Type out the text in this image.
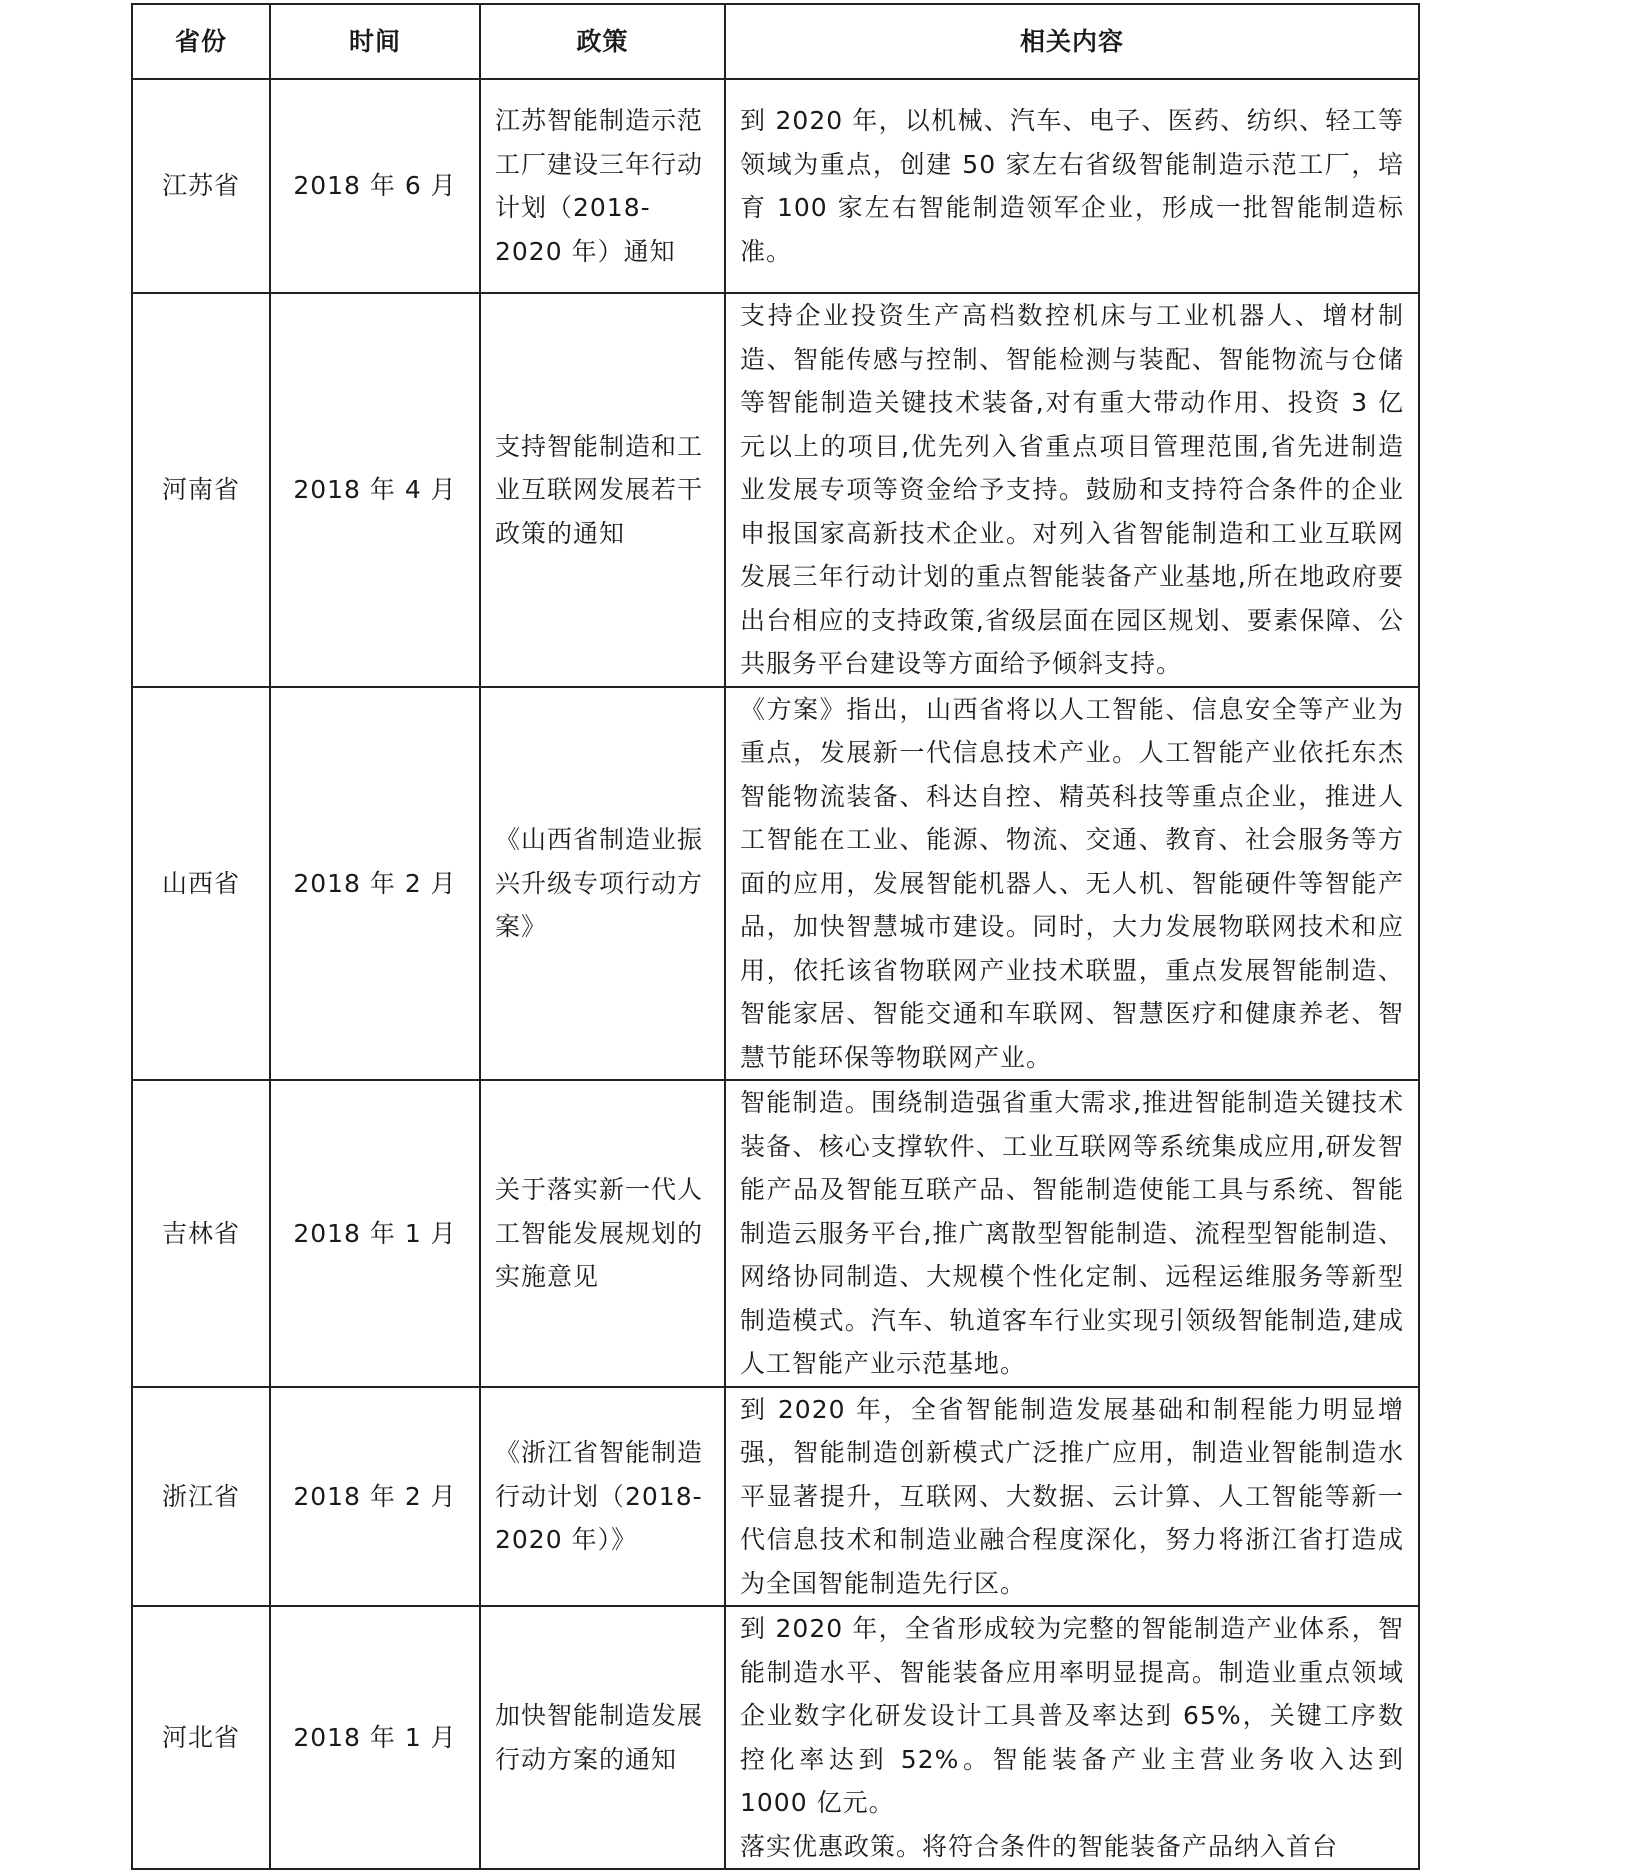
省份	时间	政策	相关内容
江苏省	2018 年 6 月	江苏智能制造示范工厂建设三年行动计划（2018-2020 年）通知	到 2020 年，以机械、汽车、电子、医药、纺织、轻工等领域为重点，创建 50 家左右省级智能制造示范工厂，培育 100 家左右智能制造领军企业，形成一批智能制造标准。

河南省	2018 年 4 月	支持智能制造和工业互联网发展若干政策的通知	支持企业投资生产高档数控机床与工业机器人、增材制造、智能传感与控制、智能检测与装配、智能物流与仓储等智能制造关键技术装备,对有重大带动作用、投资 3 亿元以上的项目,优先列入省重点项目管理范围,省先进制造业发展专项等资金给予支持。鼓励和支持符合条件的企业申报国家高新技术企业。对列入省智能制造和工业互联网发展三年行动计划的重点智能装备产业基地,所在地政府要出台相应的支持政策,省级层面在园区规划、要素保障、公共服务平台建设等方面给予倾斜支持。

山西省	2018 年 2 月	《山西省制造业振兴升级专项行动方案》	《方案》指出，山西省将以人工智能、信息安全等产业为重点，发展新一代信息技术产业。人工智能产业依托东杰智能物流装备、科达自控、精英科技等重点企业，推进人工智能在工业、能源、物流、交通、教育、社会服务等方面的应用，发展智能机器人、无人机、智能硬件等智能产品，加快智慧城市建设。同时，大力发展物联网技术和应用，依托该省物联网产业技术联盟，重点发展智能制造、智能家居、智能交通和车联网、智慧医疗和健康养老、智慧节能环保等物联网产业。

吉林省	2018 年 1 月	关于落实新一代人工智能发展规划的实施意见	智能制造。围绕制造强省重大需求,推进智能制造关键技术装备、核心支撑软件、工业互联网等系统集成应用,研发智能产品及智能互联产品、智能制造使能工具与系统、智能制造云服务平台,推广离散型智能制造、流程型智能制造、网络协同制造、大规模个性化定制、远程运维服务等新型制造模式。汽车、轨道客车行业实现引领级智能制造,建成人工智能产业示范基地。

浙江省	2018 年 2 月	《浙江省智能制造行动计划（2018-2020 年）》	到 2020 年，全省智能制造发展基础和制程能力明显增强，智能制造创新模式广泛推广应用，制造业智能制造水平显著提升，互联网、大数据、云计算、人工智能等新一代信息技术和制造业融合程度深化，努力将浙江省打造成为全国智能制造先行区。

河北省	2018 年 1 月	加快智能制造发展行动方案的通知	到 2020 年，全省形成较为完整的智能制造产业体系，智能制造水平、智能装备应用率明显提高。制造业重点领域企业数字化研发设计工具普及率达到 65%，关键工序数控化率达到 52%。智能装备产业主营业务收入达到 1000 亿元。

落实优惠政策。将符合条件的智能装备产品纳入首台
